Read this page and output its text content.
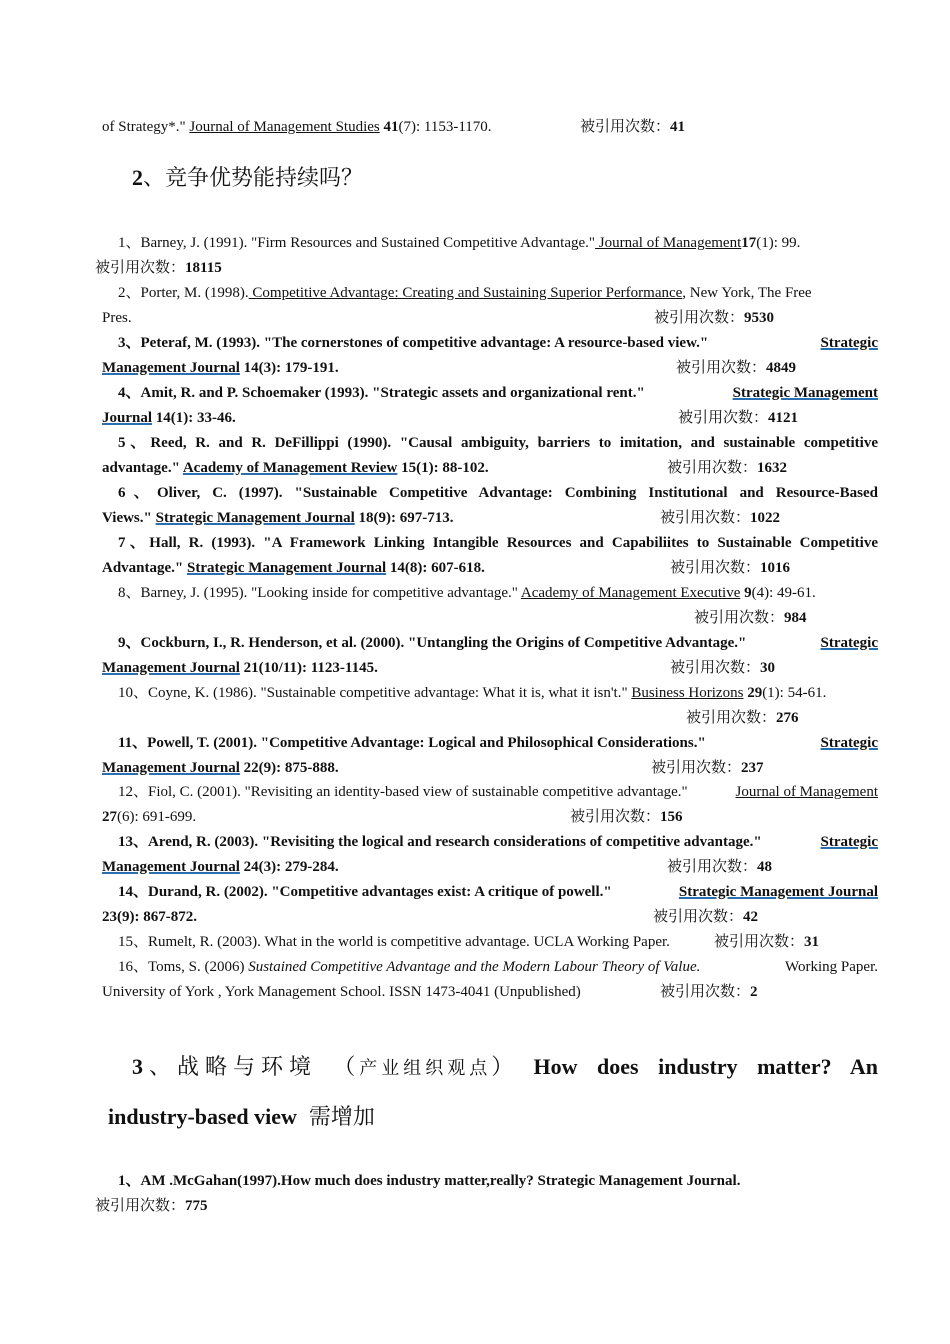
of Strategy*." Journal of Management Studies 41(7): 1153-1170.	被引用次数：41
2、竞争优势能持续吗？
1、Barney, J. (1991). "Firm Resources and Sustained Competitive Advantage." Journal of Management17(1): 99.
被引用次数：18115
2、Porter, M. (1998). Competitive Advantage: Creating and Sustaining Superior Performance, New York, The Free
Pres.	被引用次数：9530
3、Peteraf, M. (1993). "The cornerstones of competitive advantage: A resource-based view."	Strategic
Management Journal 14(3): 179-191.	被引用次数：4849
4、Amit, R. and P. Schoemaker (1993). "Strategic assets and organizational rent."	Strategic Management
Journal 14(1): 33-46.	被引用次数：4121
5、Reed, R. and R. DeFillippi (1990). "Causal ambiguity, barriers to imitation, and sustainable competitive
advantage." Academy of Management Review 15(1): 88-102.	被引用次数：1632
6、Oliver, C. (1997). "Sustainable Competitive Advantage: Combining Institutional and Resource-Based
Views." Strategic Management Journal 18(9): 697-713.	被引用次数：1022
7、Hall, R. (1993). "A Framework Linking Intangible Resources and Capabiliites to Sustainable Competitive
Advantage." Strategic Management Journal 14(8): 607-618.	被引用次数：1016
8、Barney, J. (1995). "Looking inside for competitive advantage." Academy of Management Executive 9(4): 49-61.
被引用次数：984
9、Cockburn, I., R. Henderson, et al. (2000). "Untangling the Origins of Competitive Advantage."	Strategic
Management Journal 21(10/11): 1123-1145.	被引用次数：30
10、Coyne, K. (1986). "Sustainable competitive advantage: What it is, what it isn't." Business Horizons 29(1): 54-61.
被引用次数：276
11、Powell, T. (2001). "Competitive Advantage: Logical and Philosophical Considerations."	Strategic
Management Journal 22(9): 875-888.	被引用次数：237
12、Fiol, C. (2001). "Revisiting an identity-based view of sustainable competitive advantage."	Journal of Management
27(6): 691-699.	被引用次数：156
13、Arend, R. (2003). "Revisiting the logical and research considerations of competitive advantage."	Strategic
Management Journal 24(3): 279-284.	被引用次数：48
14、Durand, R. (2002). "Competitive advantages exist: A critique of powell."	Strategic Management Journal
23(9): 867-872.	被引用次数：42
15、Rumelt, R. (2003). What in the world is competitive advantage. UCLA Working Paper.	被引用次数：31
16、Toms, S. (2006) Sustained Competitive Advantage and the Modern Labour Theory of Value.	Working Paper.
University of York , York Management School. ISSN 1473-4041 (Unpublished)	被引用次数：2
3、战略与环境 （产业组织观点） How does industry matter? An
industry-based view 需增加
1、AM .McGahan(1997).How much does industry matter,really? Strategic Management Journal.
被引用次数：775
